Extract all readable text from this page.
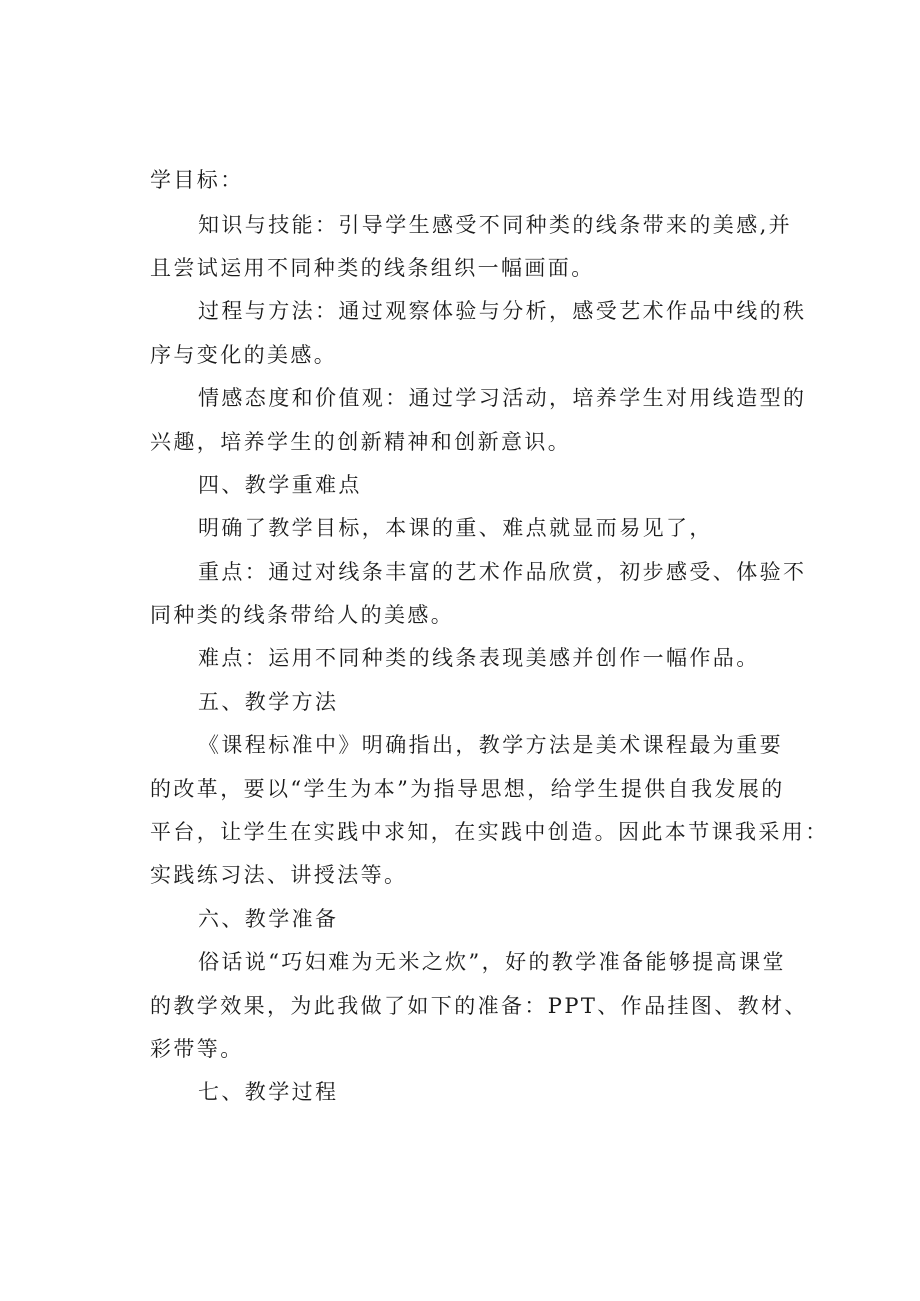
学目标：
知识与技能：引导学生感受不同种类的线条带来的美感,并
且尝试运用不同种类的线条组织一幅画面。
过程与方法：通过观察体验与分析，感受艺术作品中线的秩
序与变化的美感。
情感态度和价值观：通过学习活动，培养学生对用线造型的
兴趣，培养学生的创新精神和创新意识。
四、教学重难点
明确了教学目标，本课的重、难点就显而易见了，
重点：通过对线条丰富的艺术作品欣赏，初步感受、体验不
同种类的线条带给人的美感。
难点：运用不同种类的线条表现美感并创作一幅作品。
五、教学方法
《课程标准中》明确指出，教学方法是美术课程最为重要
的改革，要以“学生为本”为指导思想，给学生提供自我发展的
平台，让学生在实践中求知，在实践中创造。因此本节课我采用：
实践练习法、讲授法等。
六、教学准备
俗话说“巧妇难为无米之炊”，好的教学准备能够提高课堂
的教学效果，为此我做了如下的准备：PPT、作品挂图、教材、
彩带等。
七、教学过程
